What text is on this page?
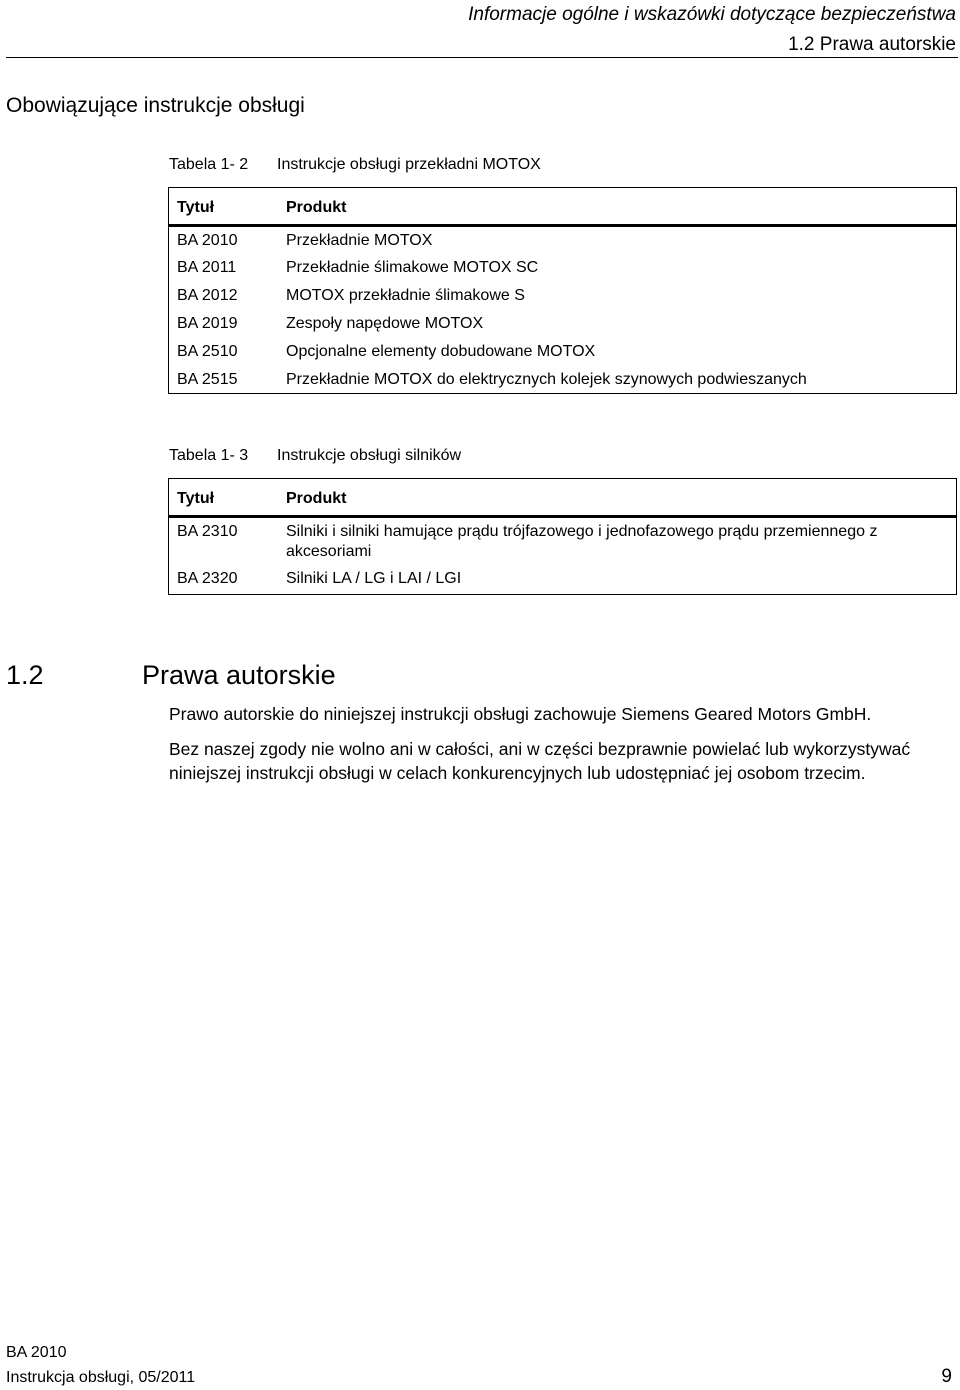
Informacje ogólne i wskazówki dotyczące bezpieczeństwa
1.2 Prawa autorskie
Obowiązujące instrukcje obsługi
Tabela 1- 2 Instrukcje obsługi przekładni MOTOX
Tytuł	Produkt
BA 2010	Przekładnie MOTOX
BA 2011	Przekładnie ślimakowe MOTOX SC
BA 2012	MOTOX przekładnie ślimakowe S
BA 2019	Zespoły napędowe MOTOX
BA 2510	Opcjonalne elementy dobudowane MOTOX
BA 2515	Przekładnie MOTOX do elektrycznych kolejek szynowych podwieszanych
Tabela 1- 3 Instrukcje obsługi silników
Tytuł	Produkt
BA 2310	Silniki i silniki hamujące prądu trójfazowego i jednofazowego prądu przemiennego z akcesoriami
BA 2320	Silniki LA / LG i LAI / LGI
1.2	Prawa autorskie

Prawo autorskie do niniejszej instrukcji obsługi zachowuje Siemens Geared Motors GmbH.

Bez naszej zgody nie wolno ani w całości, ani w części bezprawnie powielać lub wykorzystywać niniejszej instrukcji obsługi w celach konkurencyjnych lub udostępniać jej osobom trzecim.

BA 2010
Instrukcja obsługi, 05/2011	9
